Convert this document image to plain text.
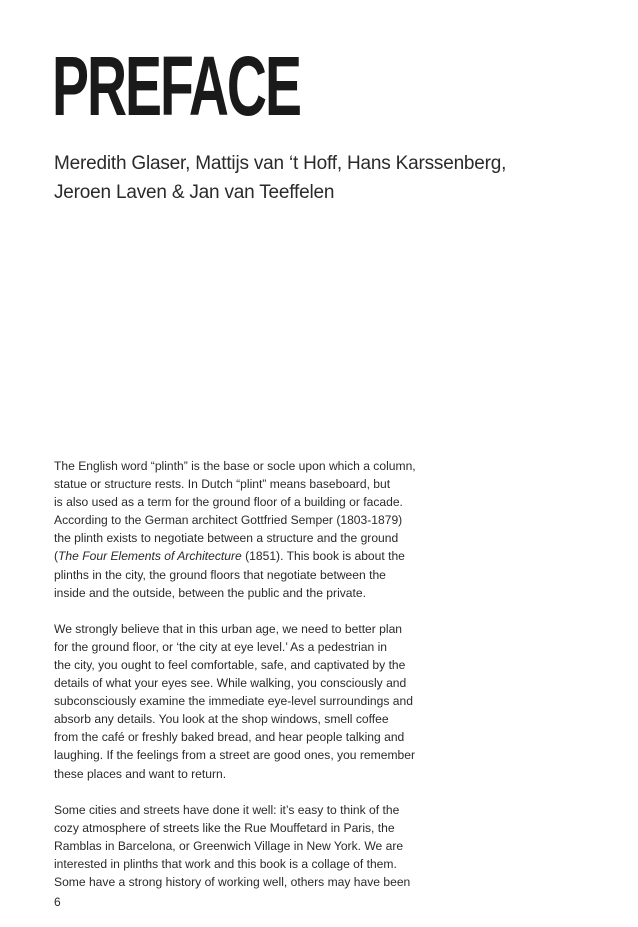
PREFACE
Meredith Glaser, Mattijs van ‘t Hoff, Hans Karssenberg,
Jeroen Laven & Jan van Teeffelen

The English word “plinth” is the base or socle upon which a column,
statue or structure rests. In Dutch “plint” means baseboard, but
is also used as a term for the ground floor of a building or facade.
According to the German architect Gottfried Semper (1803-1879)
the plinth exists to negotiate between a structure and the ground
(The Four Elements of Architecture (1851). This book is about the
plinths in the city, the ground floors that negotiate between the
inside and the outside, between the public and the private.

We strongly believe that in this urban age, we need to better plan
for the ground floor, or ‘the city at eye level.’ As a pedestrian in
the city, you ought to feel comfortable, safe, and captivated by the
details of what your eyes see. While walking, you consciously and
subconsciously examine the immediate eye-level surroundings and
absorb any details. You look at the shop windows, smell coffee
from the café or freshly baked bread, and hear people talking and
laughing. If the feelings from a street are good ones, you remember
these places and want to return.

Some cities and streets have done it well: it’s easy to think of the
cozy atmosphere of streets like the Rue Mouffetard in Paris, the
Ramblas in Barcelona, or Greenwich Village in New York. We are
interested in plinths that work and this book is a collage of them.
Some have a strong history of working well, others may have been

6
